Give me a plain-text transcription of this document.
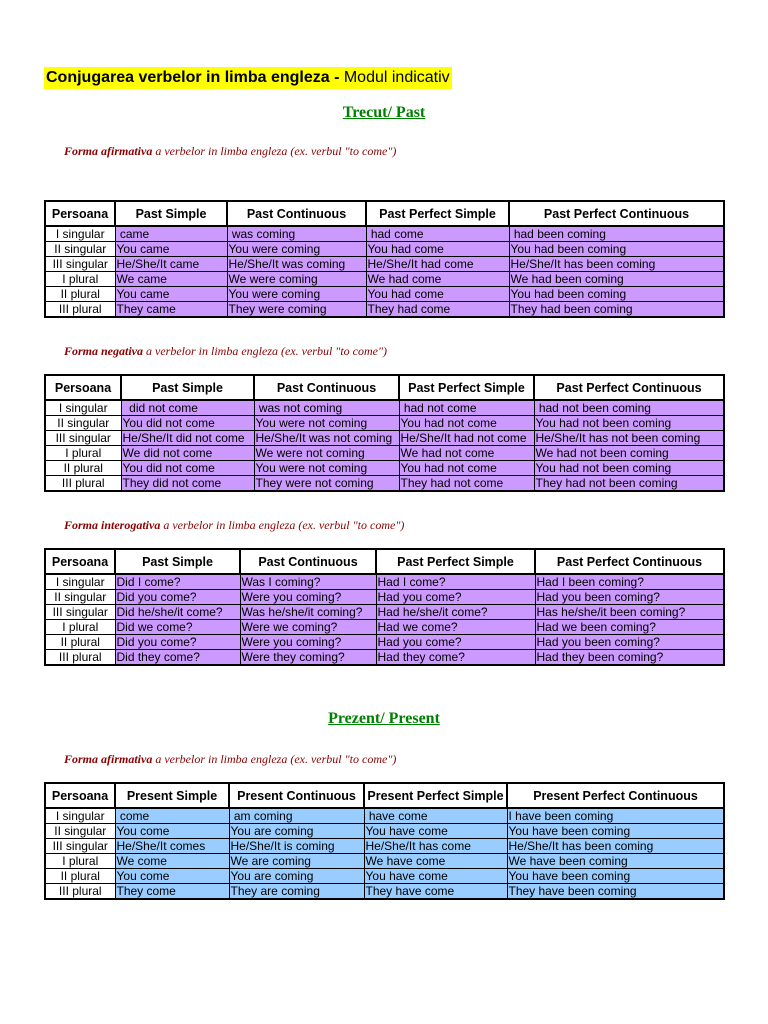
Conjugarea verbelor in limba engleza - Modul indicativ
Trecut/ Past
Forma afirmativa a verbelor in limba engleza (ex. verbul "to come")
Persoana	Past Simple	Past Continuous	Past Perfect Simple	Past Perfect Continuous
I singular	came	was coming	had come	had been coming
II singular	You came	You were coming	You had come	You had been coming
III singular	He/She/It came	He/She/It was coming	He/She/It had come	He/She/It has been coming
I plural	We came	We were coming	We had come	We had been coming
II plural	You came	You were coming	You had come	You had been coming
III plural	They came	They were coming	They had come	They had been coming
Forma negativa a verbelor in limba engleza (ex. verbul "to come")
Persoana	Past Simple	Past Continuous	Past Perfect Simple	Past Perfect Continuous
I singular	did not come	was not coming	had not come	had not been coming
II singular	You did not come	You were not coming	You had not come	You had not been coming
III singular	He/She/It did not come	He/She/It was not coming	He/She/It had not come	He/She/It has not been coming
I plural	We did not come	We were not coming	We had not come	We had not been coming
II plural	You did not come	You were not coming	You had not come	You had not been coming
III plural	They did not come	They were not coming	They had not come	They had not been coming
Forma interogativa a verbelor in limba engleza (ex. verbul "to come")
Persoana	Past Simple	Past Continuous	Past Perfect Simple	Past Perfect Continuous
I singular	Did I come?	Was I coming?	Had I come?	Had I been coming?
II singular	Did you come?	Were you coming?	Had you come?	Had you been coming?
III singular	Did he/she/it come?	Was he/she/it coming?	Had he/she/it come?	Has he/she/it been coming?
I plural	Did we come?	Were we coming?	Had we come?	Had we been coming?
II plural	Did you come?	Were you coming?	Had you come?	Had you been coming?
III plural	Did they come?	Were they coming?	Had they come?	Had they been coming?
Prezent/ Present
Forma afirmativa a verbelor in limba engleza (ex. verbul "to come")
Persoana	Present Simple	Present Continuous	Present Perfect Simple	Present Perfect Continuous
I singular	come	am coming	have come	I have been coming
II singular	You come	You are coming	You have come	You have been coming
III singular	He/She/It comes	He/She/It is coming	He/She/It has come	He/She/It has been coming
I plural	We come	We are coming	We have come	We have been coming
II plural	You come	You are coming	You have come	You have been coming
III plural	They come	They are coming	They have come	They have been coming
